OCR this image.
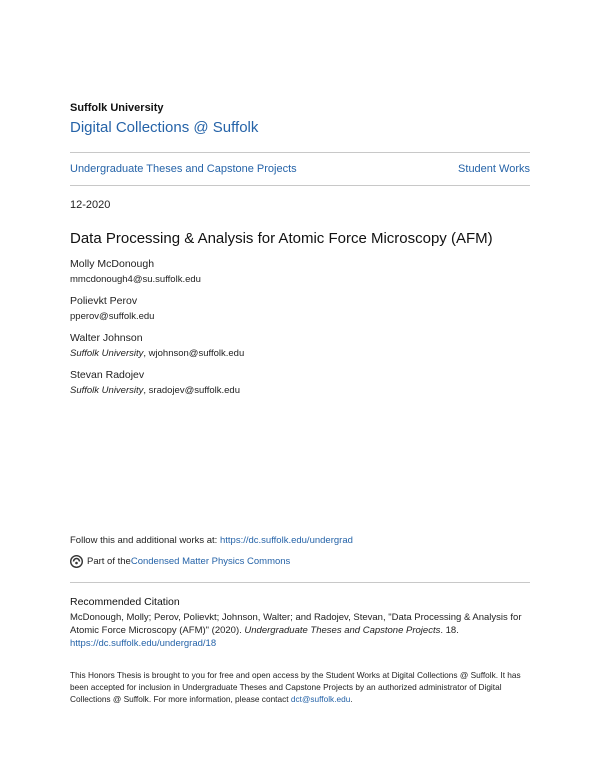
Suffolk University
Digital Collections @ Suffolk
Undergraduate Theses and Capstone Projects	Student Works
12-2020
Data Processing & Analysis for Atomic Force Microscopy (AFM)
Molly McDonough
mmcdonough4@su.suffolk.edu
Polievkt Perov
pperov@suffolk.edu
Walter Johnson
Suffolk University, wjohnson@suffolk.edu
Stevan Radojev
Suffolk University, sradojev@suffolk.edu
Follow this and additional works at: https://dc.suffolk.edu/undergrad
Part of the Condensed Matter Physics Commons
Recommended Citation
McDonough, Molly; Perov, Polievkt; Johnson, Walter; and Radojev, Stevan, "Data Processing & Analysis for Atomic Force Microscopy (AFM)" (2020). Undergraduate Theses and Capstone Projects. 18.
https://dc.suffolk.edu/undergrad/18
This Honors Thesis is brought to you for free and open access by the Student Works at Digital Collections @ Suffolk. It has been accepted for inclusion in Undergraduate Theses and Capstone Projects by an authorized administrator of Digital Collections @ Suffolk. For more information, please contact dct@suffolk.edu.
